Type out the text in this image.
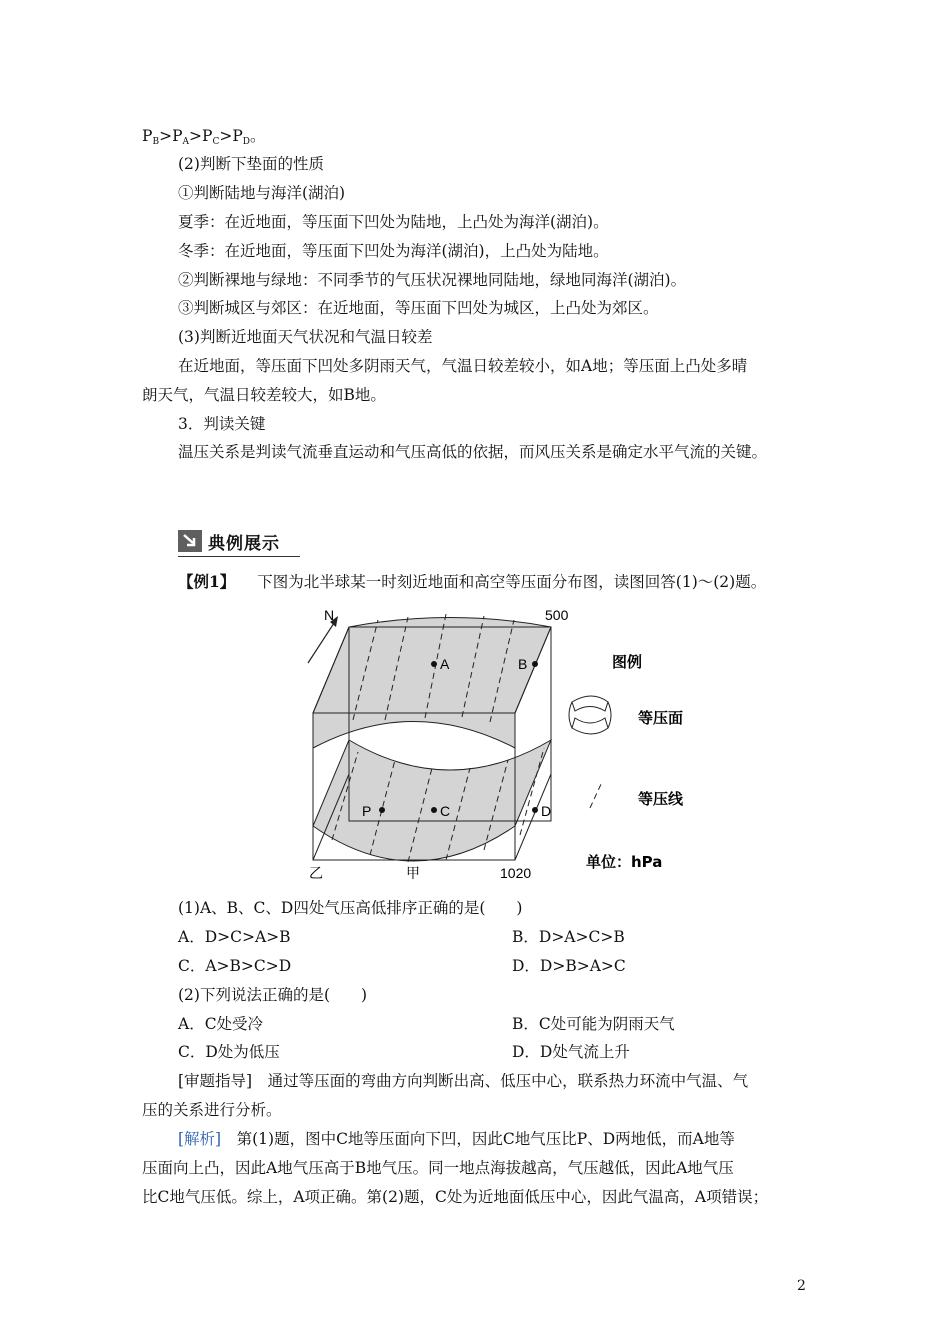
$P_B>P_A>P_C>P_D$。
(2)判断下垫面的性质
①判断陆地与海洋(湖泊)
夏季：在近地面，等压面下凹处为陆地，上凸处为海洋(湖泊)。
冬季：在近地面，等压面下凹处为海洋(湖泊)，上凸处为陆地。
②判断裸地与绿地：不同季节的气压状况裸地同陆地，绿地同海洋(湖泊)。
③判断城区与郊区：在近地面，等压面下凹处为城区，上凸处为郊区。
(3)判断近地面天气状况和气温日较差
在近地面，等压面下凹处多阴雨天气，气温日较差较小，如A地；等压面上凸处多晴
朗天气，气温日较差较大，如B地。
3．判读关键
温压关系是判读气流垂直运动和气压高低的依据，而风压关系是确定水平气流的关键。
典例展示
【例1】 下图为北半球某一时刻近地面和高空等压面分布图，读图回答(1)～(2)题。
N	500
A	B
P	C	D
乙	甲	1020
图例
等压面
等压线
单位：hPa
(1)A、B、C、D四处气压高低排序正确的是(　　)
A．D>C>A>B	B．D>A>C>B
C．A>B>C>D	D．D>B>A>C
(2)下列说法正确的是(　　)
A．C处受冷	B．C处可能为阴雨天气
C．D处为低压	D．D处气流上升
[审题指导]　通过等压面的弯曲方向判断出高、低压中心，联系热力环流中气温、气
压的关系进行分析。
[解析]　第(1)题，图中C地等压面向下凹，因此C地气压比P、D两地低，而A地等
压面向上凸，因此A地气压高于B地气压。同一地点海拔越高，气压越低，因此A地气压
比C地气压低。综上，A项正确。第(2)题，C处为近地面低压中心，因此气温高，A项错误；
2
